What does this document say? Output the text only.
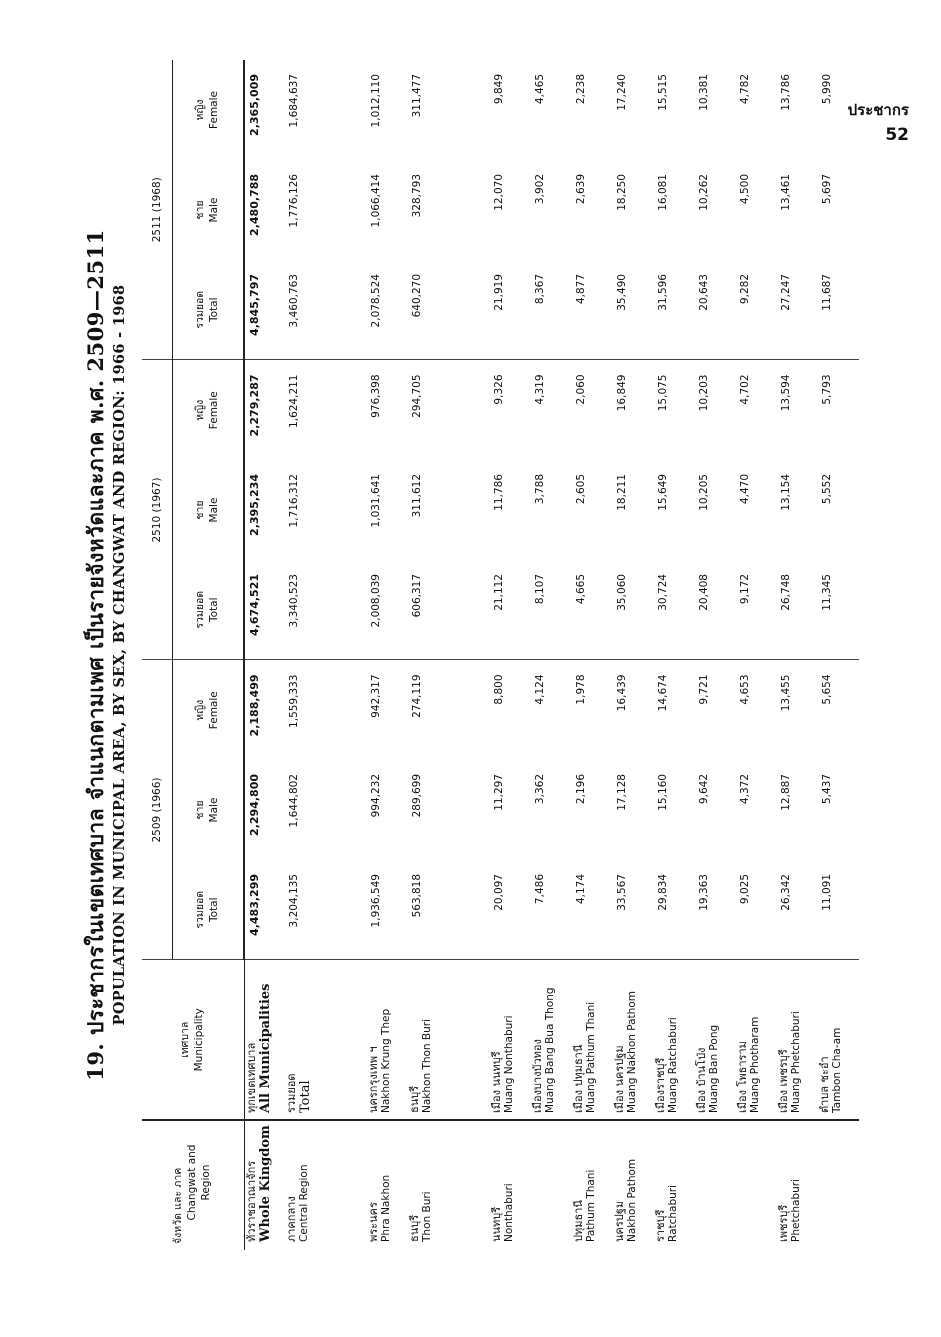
ประชากร
52
19. ประชากรในเขตเทศบาล จำแนกตามเพศ เป็นรายจังหวัดและภาค พ.ศ. 2509—2511 POPULATION IN MUNICIPAL AREA, BY SEX, BY CHANGWAT AND REGION: 1966 - 1968
จังหวัด และ ภาค Changwat and Region	เทศบาล Municipality	2509 (1966)			2510 (1967)			2511 (1968)		

		รวมยอด Total	ชาย Male	หญิง Female	รวมยอด Total	ชาย Male	หญิง Female	รวมยอด Total	ชาย Male	หญิง Female

ทั่วราชอาณาจักร Whole Kingdom	ทุกเขตเทศบาล All Municipalities	4,483,299	2,294,800	2,188,499	4,674,521	2,395,234	2,279,287	4,845,797	2,480,788	2,365,009

ภาคกลาง Central Region	รวมยอด Total	3,204,135	1,644,802	1,559,333	3,340,523	1,716,312	1,624,211	3,460,763	1,776,126	1,684,637

พระนคร Phra Nakhon	นครกรุงเทพ ฯ Nakhon Krung Thep	1,936,549	994,232	942,317	2,008,039	1,031,641	976,398	2,078,524	1,066,414	1,012,110

ธนบุรี Thon Buri	ธนบุรี Nakhon Thon Buri	563,818	289,699	274,119	606,317	311,612	294,705	640,270	328,793	311,477

นนทบุรี Nonthaburi	เมือง นนทบุรี Muang Nonthaburi	20,097	11,297	8,800	21,112	11,786	9,326	21,919	12,070	9,849

	เมืองบางบัวทอง Muang Bang Bua Thong	7,486	3,362	4,124	8,107	3,788	4,319	8,367	3,902	4,465

ปทุมธานี Pathum Thani	เมือง ปทุมธานี Muang Pathum Thani	4,174	2,196	1,978	4,665	2,605	2,060	4,877	2,639	2,238

นครปฐม Nakhon Pathom	เมือง นครปฐม Muang Nakhon Pathom	33,567	17,128	16,439	35,060	18,211	16,849	35,490	18,250	17,240

ราชบุรี Ratchaburi	เมืองราชบุรี Muang Ratchaburi	29,834	15,160	14,674	30,724	15,649	15,075	31,596	16,081	15,515

	เมือง บ้านโป่ง Muang Ban Pong	19,363	9,642	9,721	20,408	10,205	10,203	20,643	10,262	10,381

	เมือง โพธาราม Muang Photharam	9,025	4,372	4,653	9,172	4,470	4,702	9,282	4,500	4,782

เพชรบุรี Phetchaburi	เมือง เพชรบุรี Muang Phetchaburi	26,342	12,887	13,455	26,748	13,154	13,594	27,247	13,461	13,786

	ตำบล ชะอำ Tambon Cha-am	11,091	5,437	5,654	11,345	5,552	5,793	11,687	5,697	5,990
